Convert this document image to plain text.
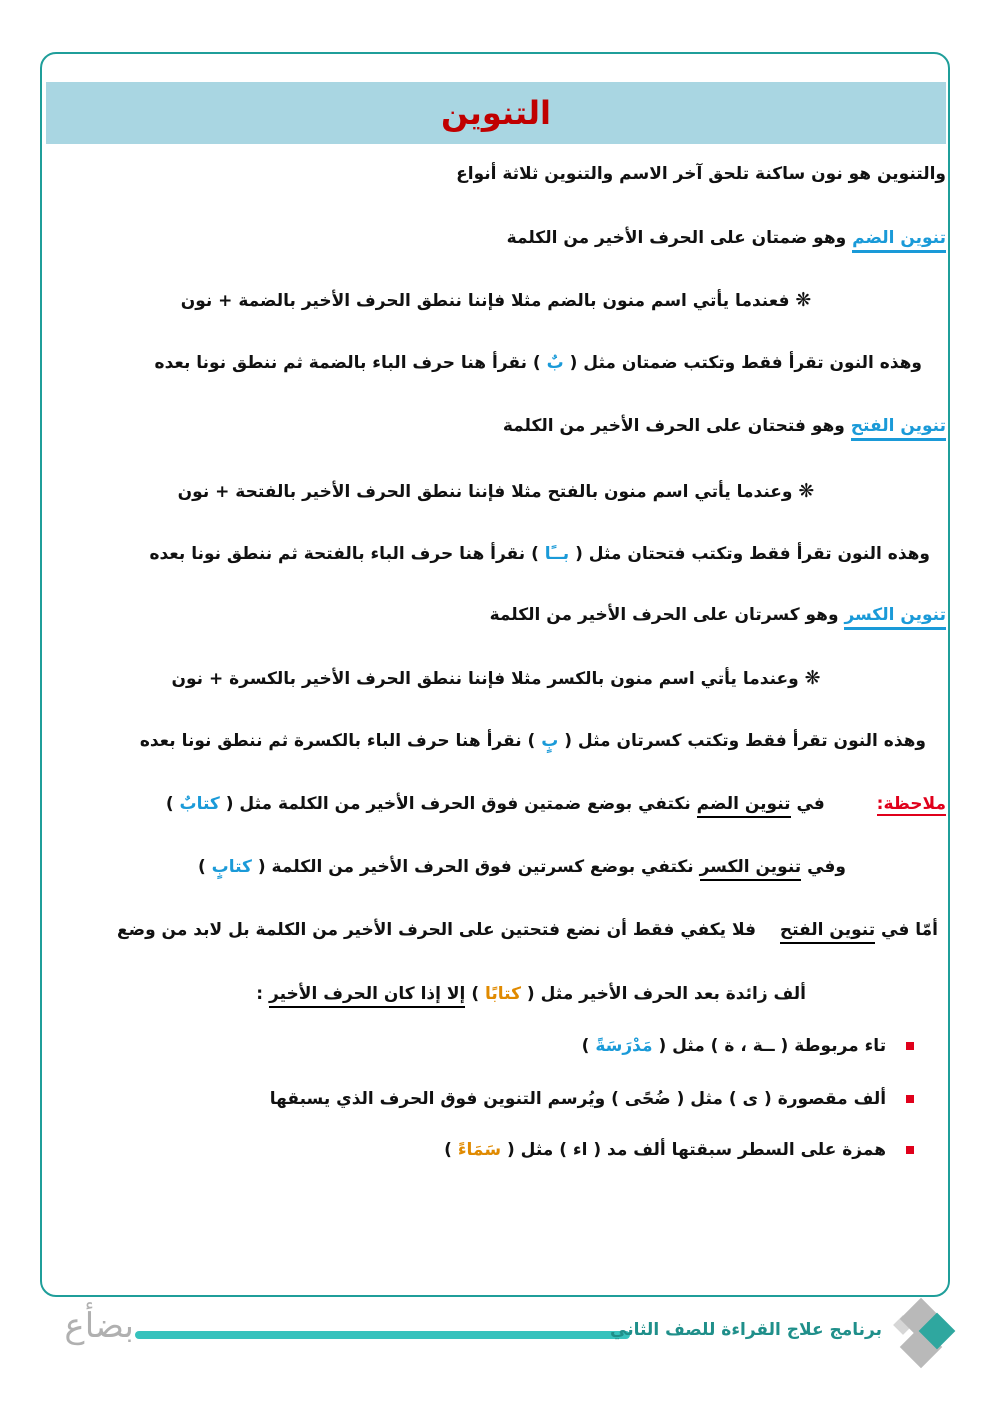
التنوين
والتنوين هو نون ساكنة تلحق آخر الاسم والتنوين ثلاثة أنواع
تنوين الضم وهو ضمتان على الحرف الأخير من الكلمة
❋ فعندما يأتي اسم منون بالضم مثلا فإننا ننطق الحرف الأخير بالضمة + نون
وهذه النون تقرأ فقط وتكتب ضمتان مثل ( بٌ ) نقرأ هنا حرف الباء بالضمة ثم ننطق نونا بعده
تنوين الفتح وهو فتحتان على الحرف الأخير من الكلمة
❋ وعندما يأتي اسم منون بالفتح مثلا فإننا ننطق الحرف الأخير بالفتحة + نون
وهذه النون تقرأ فقط وتكتب فتحتان مثل ( بــًا ) نقرأ هنا حرف الباء بالفتحة ثم ننطق نونا بعده
تنوين الكسر وهو كسرتان على الحرف الأخير من الكلمة
❋ وعندما يأتي اسم منون بالكسر مثلا فإننا ننطق الحرف الأخير بالكسرة + نون
وهذه النون تقرأ فقط وتكتب كسرتان مثل ( بٍ ) نقرأ هنا حرف الباء بالكسرة ثم ننطق نونا بعده
ملاحظة:  في تنوين الضم نكتفي بوضع ضمتين فوق الحرف الأخير من الكلمة مثل ( كتابٌ )
وفي تنوين الكسر نكتفي بوضع كسرتين فوق الحرف الأخير من الكلمة ( كتابٍ )
أمّا في تنوين الفتح  فلا يكفي فقط أن نضع فتحتين على الحرف الأخير من الكلمة بل لابد من وضع
ألف زائدة بعد الحرف الأخير مثل ( كتابًا ) إلا إذا كان الحرف الأخير :
تاء مربوطة ( ــة ، ة ) مثل ( مَدْرَسَةً )
ألف مقصورة ( ى ) مثل ( ضُحًى ) ويُرسم التنوين فوق الحرف الذي يسبقها
همزة على السطر سبقتها ألف مد ( اء ) مثل ( سَمَاءً )
برنامج علاج القراءة للصف الثاني
بضأع
